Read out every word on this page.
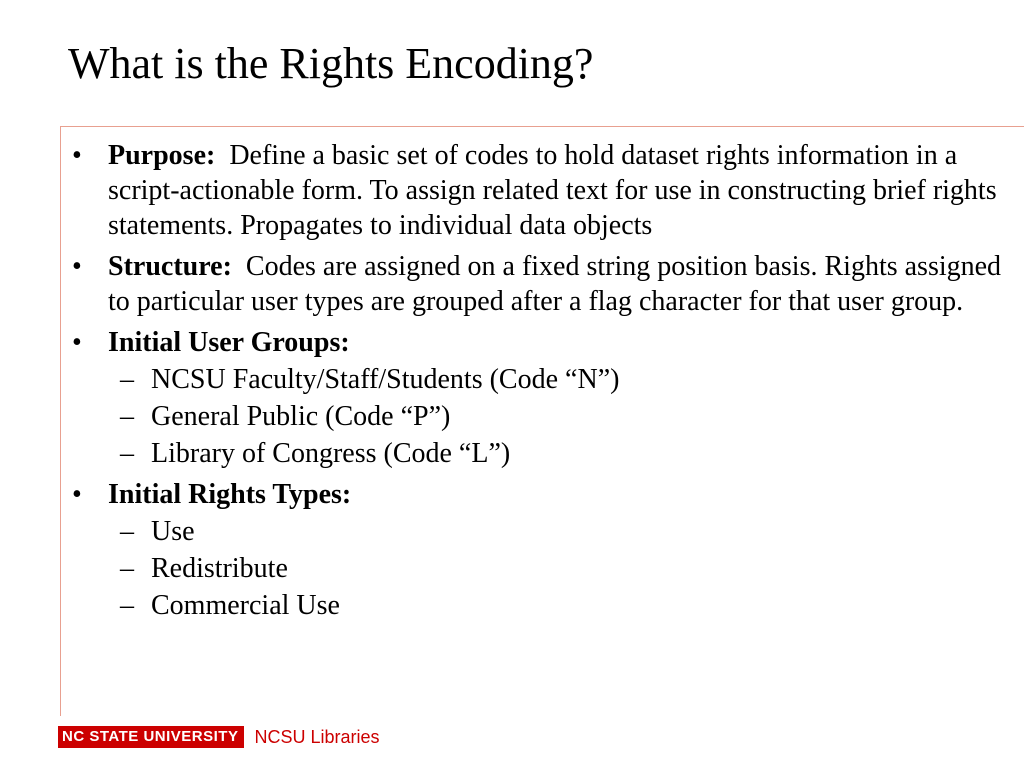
What is the Rights Encoding?
• Purpose: Define a basic set of codes to hold dataset rights information in a script-actionable form. To assign related text for use in constructing brief rights statements. Propagates to individual data objects
• Structure: Codes are assigned on a fixed string position basis. Rights assigned to particular user types are grouped after a flag character for that user group.
• Initial User Groups:
– NCSU Faculty/Staff/Students (Code “N”)
– General Public (Code “P”)
– Library of Congress (Code “L”)
• Initial Rights Types:
– Use
– Redistribute
– Commercial Use
NC STATE UNIVERSITY NCSU Libraries
